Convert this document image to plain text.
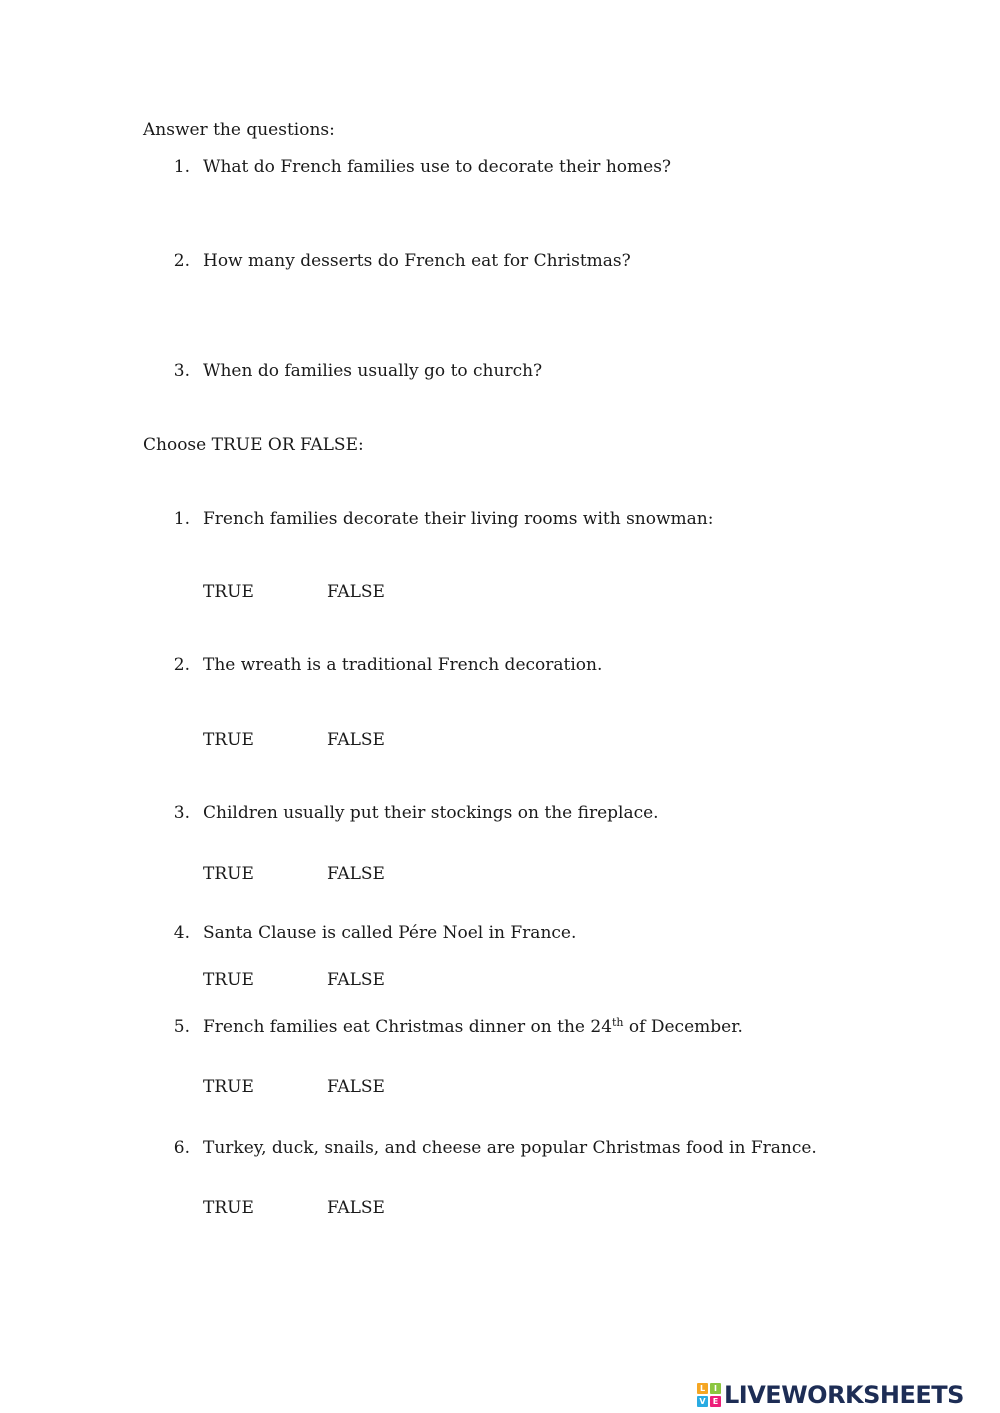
Answer the questions:
1. What do French families use to decorate their homes?
2. How many desserts do French eat for Christmas?
3. When do families usually go to church?
Choose TRUE OR FALSE:
1. French families decorate their living rooms with snowman:
TRUE	FALSE
2. The wreath is a traditional French decoration.
TRUE	FALSE
3. Children usually put their stockings on the fireplace.
TRUE	FALSE
4. Santa Clause is called Pére Noel in France.
TRUE	FALSE
5. French families eat Christmas dinner on the 24th of December.
TRUE	FALSE
6. Turkey, duck, snails, and cheese are popular Christmas food in France.
TRUE	FALSE
L	I
V E LIVEWORKSHEETS
